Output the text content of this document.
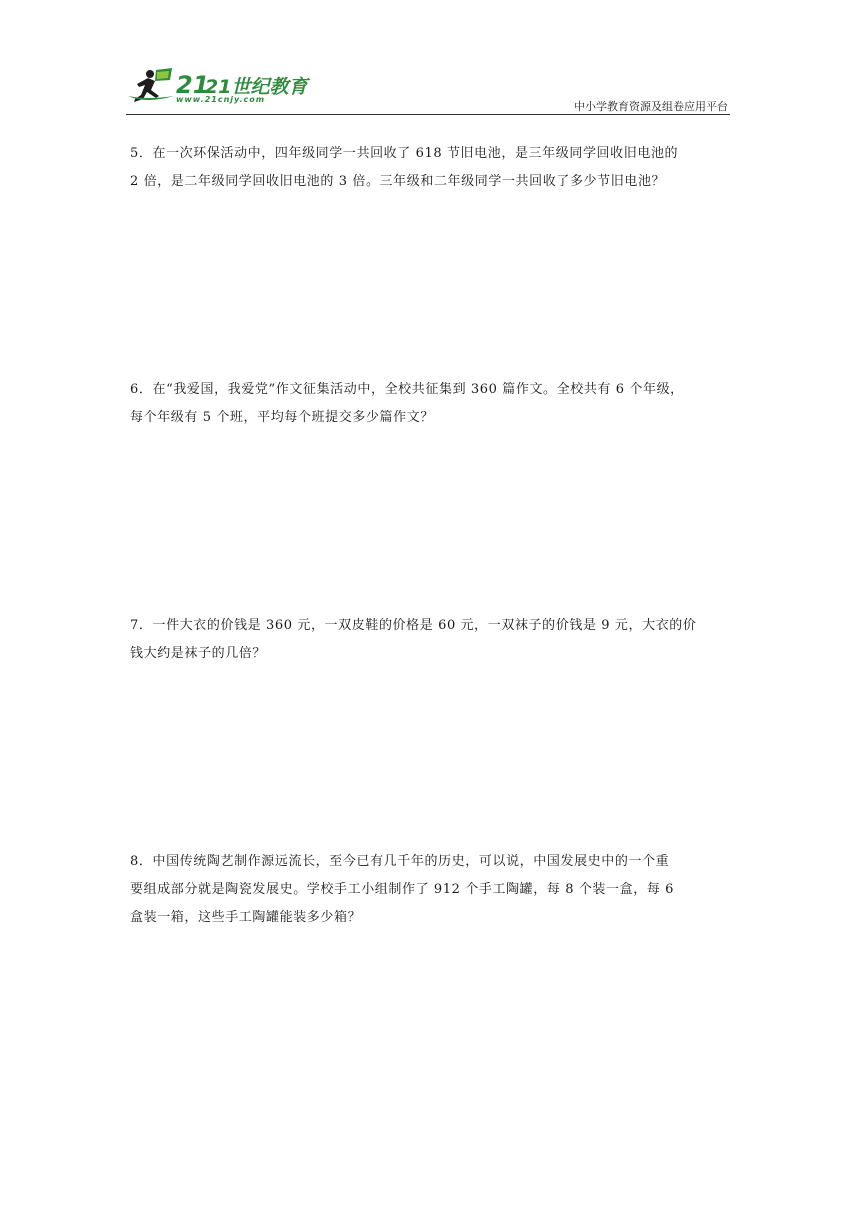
21
21世纪教育
www.21cnjy.com
中小学教育资源及组卷应用平台

5．在一次环保活动中，四年级同学一共回收了 618 节旧电池，是三年级同学回收旧电池的
2 倍，是二年级同学回收旧电池的 3 倍。三年级和二年级同学一共回收了多少节旧电池？

6．在“我爱国，我爱党”作文征集活动中，全校共征集到 360 篇作文。全校共有 6 个年级，
每个年级有 5 个班，平均每个班提交多少篇作文？

7．一件大衣的价钱是 360 元，一双皮鞋的价格是 60 元，一双袜子的价钱是 9 元，大衣的价
钱大约是袜子的几倍？

8．中国传统陶艺制作源远流长，至今已有几千年的历史，可以说，中国发展史中的一个重
要组成部分就是陶瓷发展史。学校手工小组制作了 912 个手工陶罐，每 8 个装一盒，每 6
盒装一箱，这些手工陶罐能装多少箱？
